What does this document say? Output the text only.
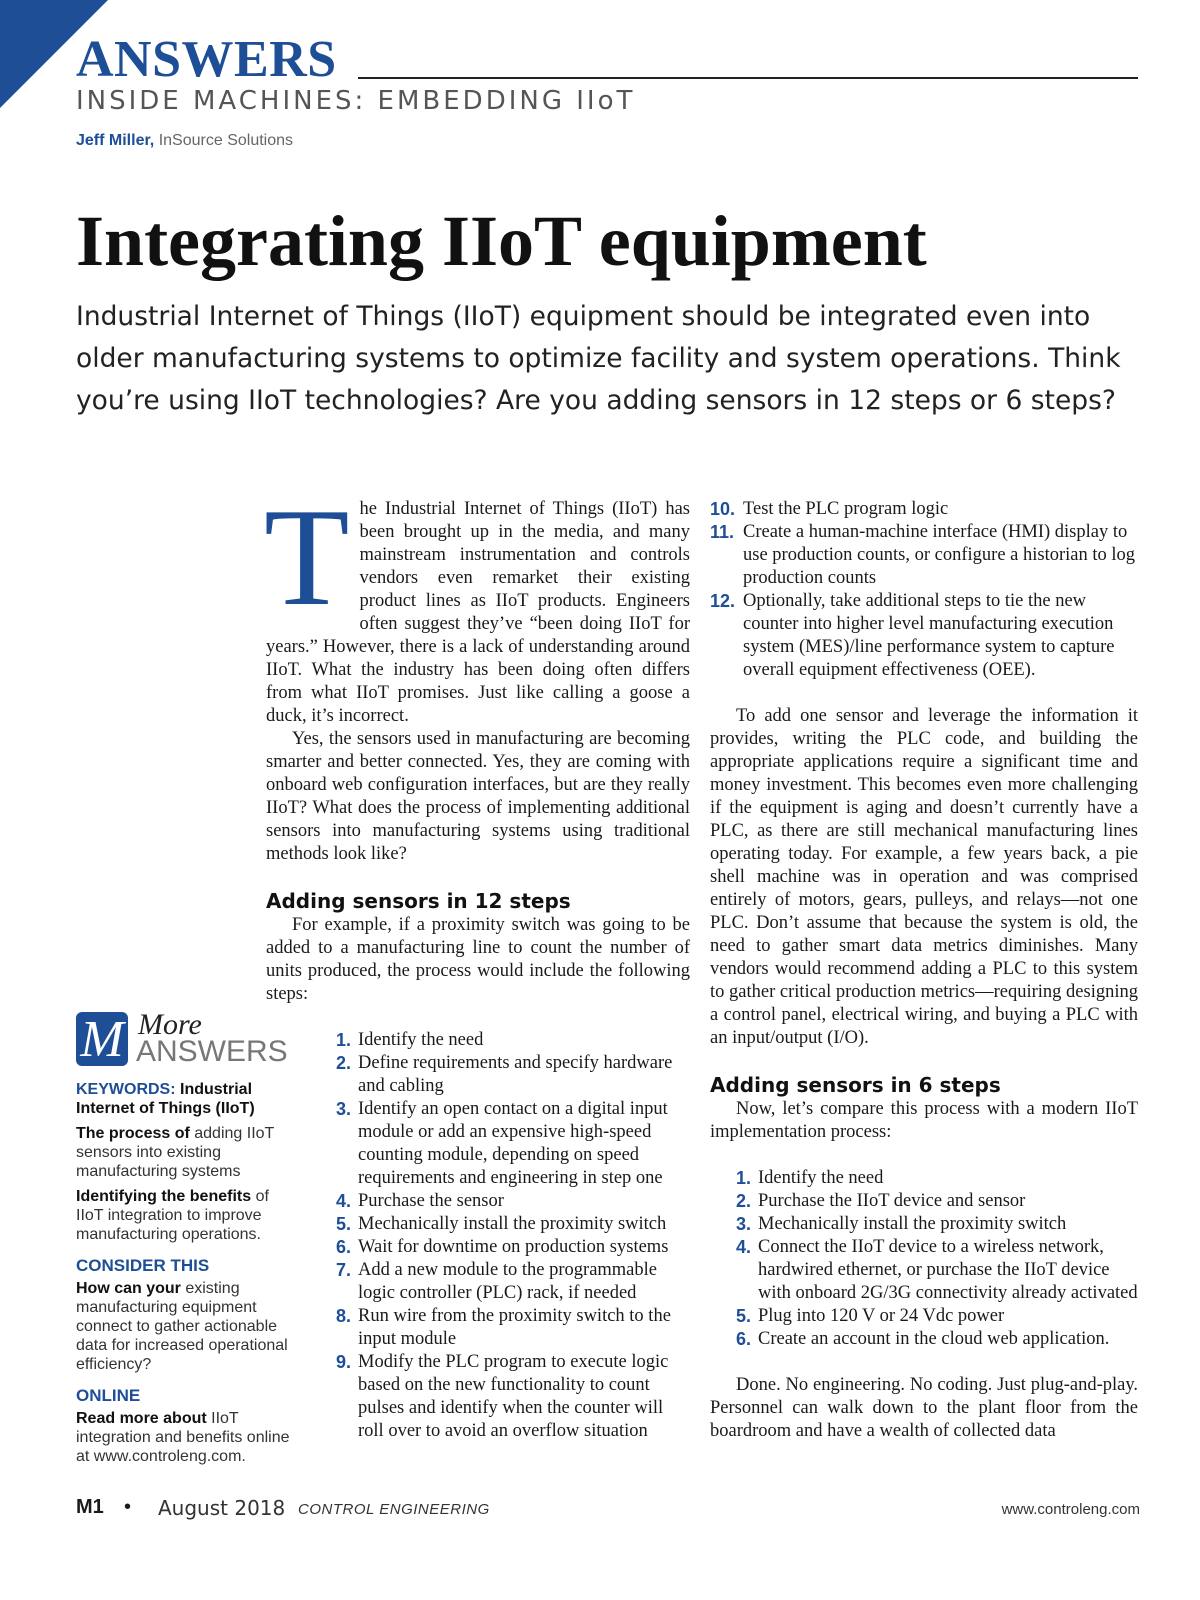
ANSWERS
INSIDE MACHINES: EMBEDDING IIoT
Jeff Miller, InSource Solutions
Integrating IIoT equipment
Industrial Internet of Things (IIoT) equipment should be integrated even into older manufacturing systems to optimize facility and system operations. Think you’re using IIoT technologies? Are you adding sensors in 12 steps or 6 steps?

T he Industrial Internet of Things (IIoT) has been brought up in the media, and many mainstream instrumentation and controls vendors even remarket their existing product lines as IIoT products. Engineers often suggest they’ve “been doing IIoT for years.” However, there is a lack of understanding around IIoT. What the industry has been doing often differs from what IIoT promises. Just like calling a goose a duck, it’s incorrect.

Yes, the sensors used in manufacturing are becoming smarter and better connected. Yes, they are coming with onboard web configuration interfaces, but are they really IIoT? What does the process of implementing additional sensors into manufacturing systems using traditional methods look like?

Adding sensors in 12 steps

For example, if a proximity switch was going to be added to a manufacturing line to count the number of units produced, the process would include the following steps:

1. Identify the need
2. Define requirements and specify hardware and cabling
3. Identify an open contact on a digital input module or add an expensive high-speed counting module, depending on speed requirements and engineering in step one
4. Purchase the sensor
5. Mechanically install the proximity switch
6. Wait for downtime on production systems
7. Add a new module to the programmable logic controller (PLC) rack, if needed
8. Run wire from the proximity switch to the input module
9. Modify the PLC program to execute logic based on the new functionality to count pulses and identify when the counter will roll over to avoid an overflow situation
10. Test the PLC program logic
11. Create a human-machine interface (HMI) display to use production counts, or configure a historian to log production counts
12. Optionally, take additional steps to tie the new counter into higher level manufacturing execution system (MES)/line performance system to capture overall equipment effectiveness (OEE).

To add one sensor and leverage the information it provides, writing the PLC code, and building the appropriate applications require a significant time and money investment. This becomes even more challenging if the equipment is aging and doesn’t currently have a PLC, as there are still mechanical manufacturing lines operating today. For example, a few years back, a pie shell machine was in operation and was comprised entirely of motors, gears, pulleys, and relays—not one PLC. Don’t assume that because the system is old, the need to gather smart data metrics diminishes. Many vendors would recommend adding a PLC to this system to gather critical production metrics—requiring designing a control panel, electrical wiring, and buying a PLC with an input/output (I/O).

Adding sensors in 6 steps

Now, let’s compare this process with a modern IIoT implementation process:

1. Identify the need
2. Purchase the IIoT device and sensor
3. Mechanically install the proximity switch
4. Connect the IIoT device to a wireless network, hardwired ethernet, or purchase the IIoT device with onboard 2G/3G connectivity already activated
5. Plug into 120 V or 24 Vdc power
6. Create an account in the cloud web application.

Done. No engineering. No coding. Just plug-and-play. Personnel can walk down to the plant floor from the boardroom and have a wealth of collected data

M More
ANSWERS
KEYWORDS: Industrial Internet of Things (IIoT)
The process of adding IIoT sensors into existing manufacturing systems
Identifying the benefits of IIoT integration to improve manufacturing operations.
CONSIDER THIS
How can your existing manufacturing equipment connect to gather actionable data for increased operational efficiency?
ONLINE
Read more about IIoT integration and benefits online at www.controleng.com.
M1 • August 2018 CONTROL ENGINEERING	www.controleng.com
